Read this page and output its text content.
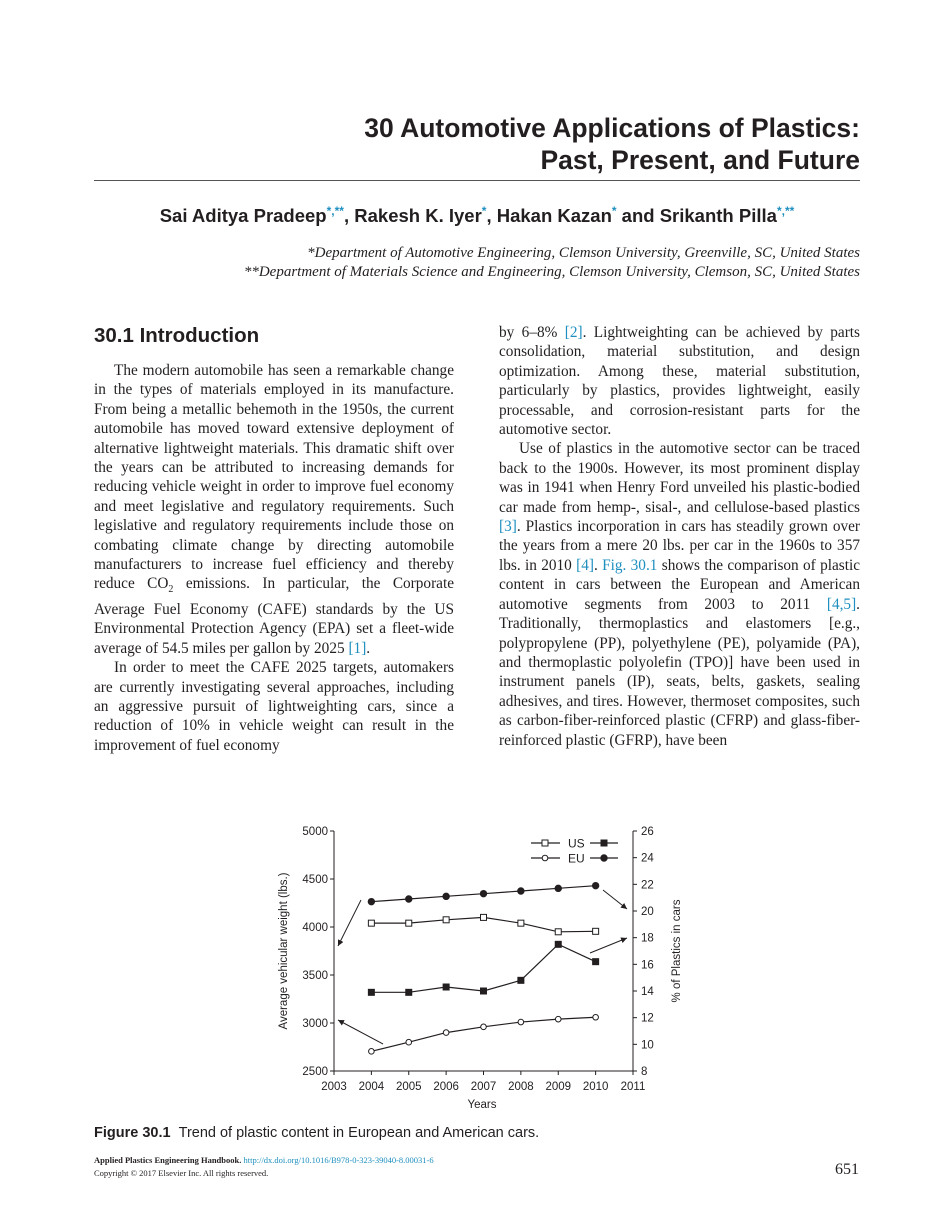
30 Automotive Applications of Plastics:
Past, Present, and Future
Sai Aditya Pradeep*,**, Rakesh K. Iyer*, Hakan Kazan* and Srikanth Pilla*,**
*Department of Automotive Engineering, Clemson University, Greenville, SC, United States
**Department of Materials Science and Engineering, Clemson University, Clemson, SC, United States
30.1 Introduction

The modern automobile has seen a remarkable change in the types of materials employed in its manufacture. From being a metallic behemoth in the 1950s, the current automobile has moved toward extensive deployment of alternative lightweight materials. This dramatic shift over the years can be attributed to increasing demands for reducing vehicle weight in order to improve fuel economy and meet legislative and regulatory requirements. Such legislative and regulatory requirements include those on combating climate change by directing automobile manufacturers to increase fuel efficiency and thereby reduce $CO_2$ emissions. In particular, the Corporate Average Fuel Economy (CAFE) standards by the US Environmental Protection Agency (EPA) set a fleet-wide average of 54.5 miles per gallon by 2025 [1].

In order to meet the CAFE 2025 targets, automakers are currently investigating several approaches, including an aggressive pursuit of lightweighting cars, since a reduction of 10% in vehicle weight can result in the improvement of fuel economy

by 6–8% [2]. Lightweighting can be achieved by parts consolidation, material substitution, and design optimization. Among these, material substitution, particularly by plastics, provides lightweight, easily processable, and corrosion-resistant parts for the automotive sector.

Use of plastics in the automotive sector can be traced back to the 1900s. However, its most prominent display was in 1941 when Henry Ford unveiled his plastic-bodied car made from hemp-, sisal-, and cellulose-based plastics [3]. Plastics incorporation in cars has steadily grown over the years from a mere 20 lbs. per car in the 1960s to 357 lbs. in 2010 [4]. Fig. 30.1 shows the comparison of plastic content in cars between the European and American automotive segments from 2003 to 2011 [4,5]. Traditionally, thermoplastics and elastomers [e.g., polypropylene (PP), polyethylene (PE), polyamide (PA), and thermoplastic polyolefin (TPO)] have been used in instrument panels (IP), seats, belts, gaskets, sealing adhesives, and tires. However, thermoset composites, such as carbon-fiber-reinforced plastic (CFRP) and glass-fiber-reinforced plastic (GFRP), have been

2003 2004 2005 2006 2007 2008 2009 2010 2011
2500
3000
3500
4000
4500
5000
8
10
12
14
16
18
20
22
24
26
US
EU
Years
Average vehicular weight (lbs.)	% of Plastics in cars
Figure 30.1 Trend of plastic content in European and American cars.
Applied Plastics Engineering Handbook. http://dx.doi.org/10.1016/B978-0-323-39040-8.00031-6
Copyright © 2017 Elsevier Inc. All rights reserved.	651
